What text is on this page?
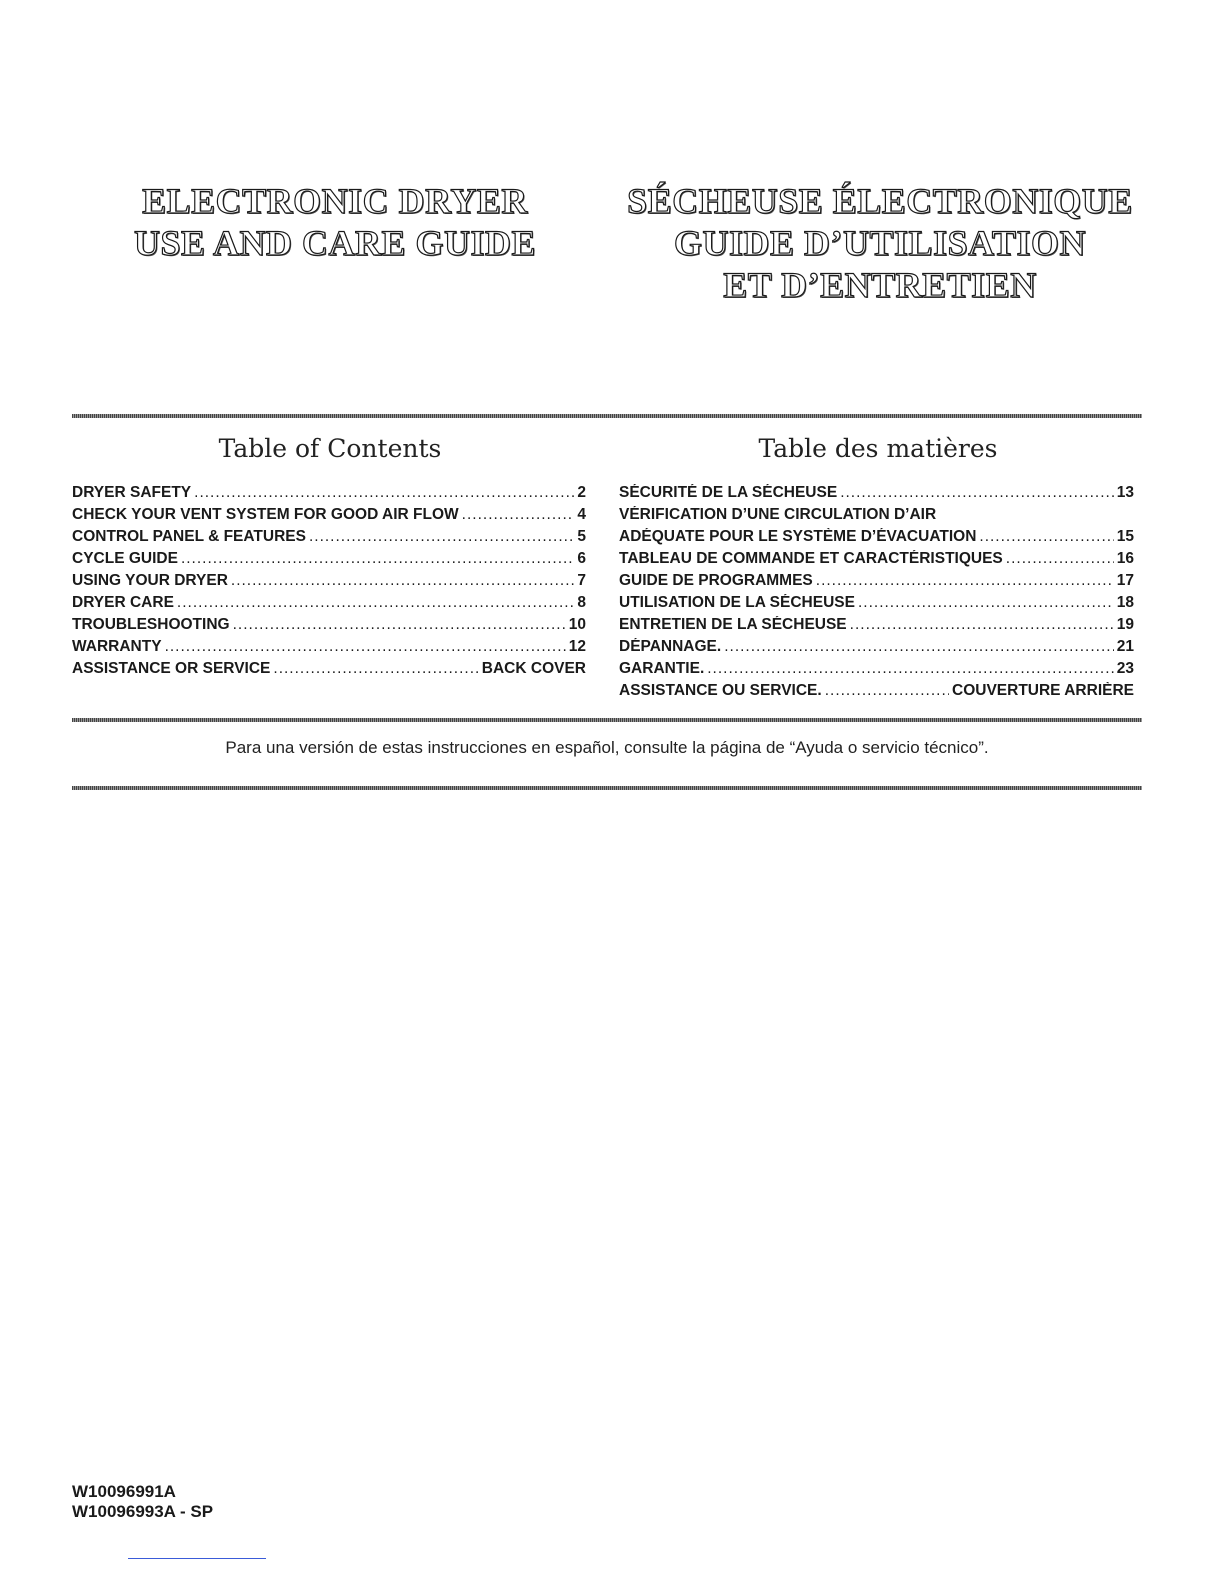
ELECTRONIC DRYER
USE AND CARE GUIDE
SÉCHEUSE ÉLECTRONIQUE
GUIDE D’UTILISATION
ET D’ENTRETIEN
Table of Contents	Table des matières
DRYER SAFETY .....	2
CHECK YOUR VENT SYSTEM FOR GOOD AIR FLOW .....	4
CONTROL PANEL & FEATURES .....	5
CYCLE GUIDE .....	6
USING YOUR DRYER .....	7
DRYER CARE .....	8
TROUBLESHOOTING .....	10
WARRANTY .....	12
ASSISTANCE OR SERVICE .....	BACK COVER
SÉCURITÉ DE LA SÉCHEUSE .....	13
VÉRIFICATION D’UNE CIRCULATION D’AIR
ADÉQUATE POUR LE SYSTÈME D’ÉVACUATION .....	15
TABLEAU DE COMMANDE ET CARACTÉRISTIQUES .....	16
GUIDE DE PROGRAMMES .....	17
UTILISATION DE LA SÉCHEUSE .....	18
ENTRETIEN DE LA SÉCHEUSE .....	19
DÉPANNAGE. .....	21
GARANTIE. .....	23
ASSISTANCE OU SERVICE. .....	COUVERTURE ARRIÈRE
Para una versión de estas instrucciones en español, consulte la página de “Ayuda o servicio técnico”.
W10096991A
W10096993A - SP
